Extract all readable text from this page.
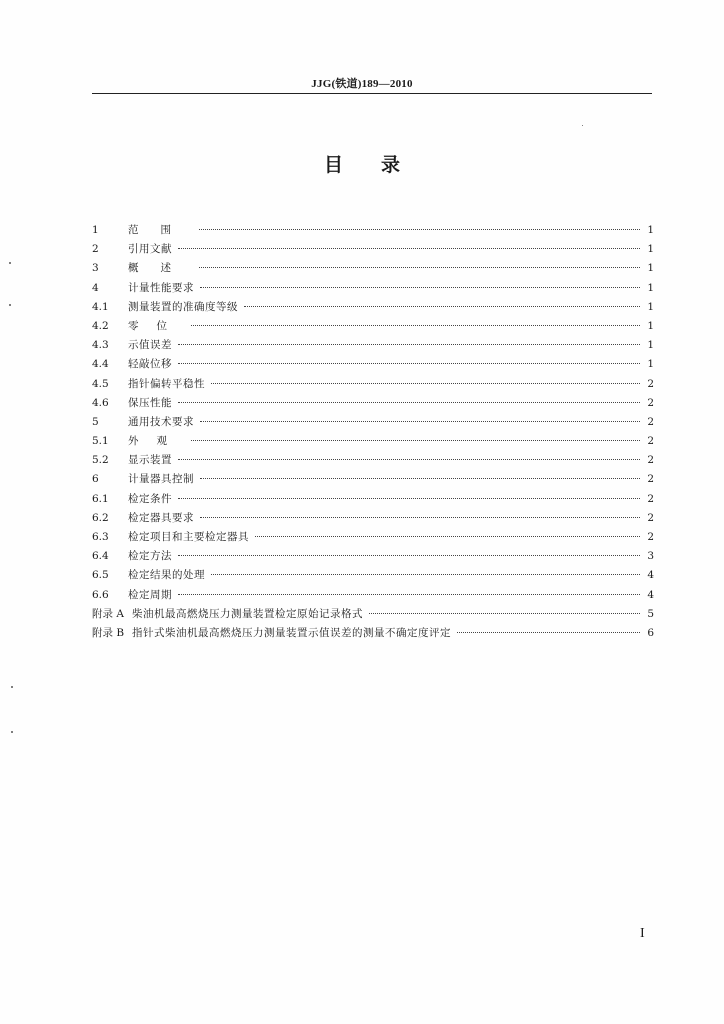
JJG(铁道)189—2010
目录
1	范围	1
2	引用文献	1
3	概述	1
4	计量性能要求	1
4.1	测量装置的准确度等级	1
4.2	零位	1
4.3	示值误差	1
4.4	轻敲位移	1
4.5	指针偏转平稳性	2
4.6	保压性能	2
5	通用技术要求	2
5.1	外观	2
5.2	显示装置	2
6	计量器具控制	2
6.1	检定条件	2
6.2	检定器具要求	2
6.3	检定项目和主要检定器具	2
6.4	检定方法	3
6.5	检定结果的处理	4
6.6	检定周期	4
附录 A 柴油机最高燃烧压力测量装置检定原始记录格式	5
附录 B 指针式柴油机最高燃烧压力测量装置示值误差的测量不确定度评定	6
I
